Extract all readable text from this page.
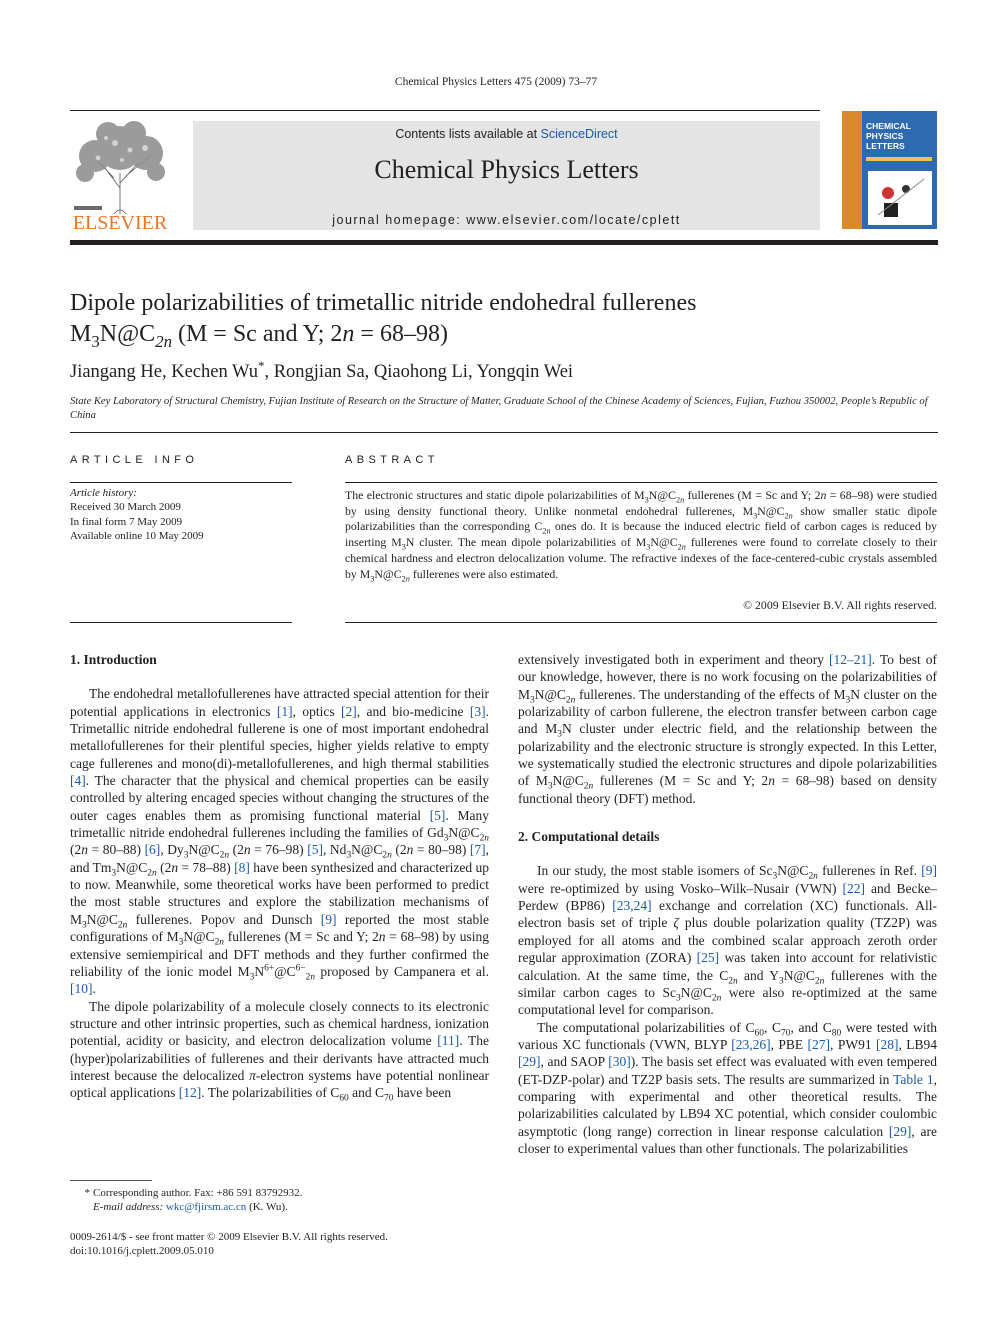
Chemical Physics Letters 475 (2009) 73–77
ELSEVIER
Contents lists available at ScienceDirect
Chemical Physics Letters
journal homepage: www.elsevier.com/locate/cplett
CHEMICAL
PHYSICS
LETTERS
Dipole polarizabilities of trimetallic nitride endohedral fullerenes
$M_3N@C_{2n}$ (M = Sc and Y; 2n = 68–98)
Jiangang He, Kechen Wu*, Rongjian Sa, Qiaohong Li, Yongqin Wei
State Key Laboratory of Structural Chemistry, Fujian Institute of Research on the Structure of Matter, Graduate School of the Chinese Academy of Sciences, Fujian, Fuzhou 350002, People’s Republic of China
ARTICLE INFO
Article history:
Received 30 March 2009
In final form 7 May 2009
Available online 10 May 2009
ABSTRACT
The electronic structures and static dipole polarizabilities of $M_3N@C_{2n}$ fullerenes (M = Sc and Y; 2n = 68–98) were studied by using density functional theory. Unlike nonmetal endohedral fullerenes, $M_3N@C_{2n}$ show smaller static dipole polarizabilities than the corresponding $C_{2n}$ ones do. It is because the induced electric field of carbon cages is reduced by inserting $M_3N$ cluster. The mean dipole polarizabilities of $M_3N@C_{2n}$ fullerenes were found to correlate closely to their chemical hardness and electron delocalization volume. The refractive indexes of the face-centered-cubic crystals assembled by $M_3N@C_{2n}$ fullerenes were also estimated.
© 2009 Elsevier B.V. All rights reserved.
1. Introduction

The endohedral metallofullerenes have attracted special attention for their potential applications in electronics [1], optics [2], and bio-medicine [3]. Trimetallic nitride endohedral fullerene is one of most important endohedral metallofullerenes for their plentiful species, higher yields relative to empty cage fullerenes and mono(di)-metallofullerenes, and high thermal stabilities [4]. The character that the physical and chemical properties can be easily controlled by altering encaged species without changing the structures of the outer cages enables them as promising functional material [5]. Many trimetallic nitride endohedral fullerenes including the families of $Gd_3N@C_{2n}$ (2n = 80–88) [6], $Dy_3N@C_{2n}$ (2n = 76–98) [5], $Nd_3N@C_{2n}$ (2n = 80–98) [7], and $Tm_3N@C_{2n}$ (2n = 78–88) [8] have been synthesized and characterized up to now. Meanwhile, some theoretical works have been performed to predict the most stable structures and explore the stabilization mechanisms of $M_3N@C_{2n}$ fullerenes. Popov and Dunsch [9] reported the most stable configurations of $M_3N@C_{2n}$ fullerenes (M = Sc and Y; 2n = 68–98) by using extensive semiempirical and DFT methods and they further confirmed the reliability of the ionic model $M_3N^{6+}@C^{6-}_{2n}$ proposed by Campanera et al. [10].

The dipole polarizability of a molecule closely connects to its electronic structure and other intrinsic properties, such as chemical hardness, ionization potential, acidity or basicity, and electron delocalization volume [11]. The (hyper)polarizabilities of fullerenes and their derivants have attracted much interest because the delocalized π-electron systems have potential nonlinear optical applications [12]. The polarizabilities of $C_{60}$ and $C_{70}$ have been

extensively investigated both in experiment and theory [12–21]. To best of our knowledge, however, there is no work focusing on the polarizabilities of $M_3N@C_{2n}$ fullerenes. The understanding of the effects of $M_3N$ cluster on the polarizability of carbon fullerene, the electron transfer between carbon cage and $M_3N$ cluster under electric field, and the relationship between the polarizability and the electronic structure is strongly expected. In this Letter, we systematically studied the electronic structures and dipole polarizabilities of $M_3N@C_{2n}$ fullerenes (M = Sc and Y; 2n = 68–98) based on density functional theory (DFT) method.

2. Computational details

In our study, the most stable isomers of $Sc_3N@C_{2n}$ fullerenes in Ref. [9] were re-optimized by using Vosko–Wilk–Nusair (VWN) [22] and Becke–Perdew (BP86) [23,24] exchange and correlation (XC) functionals. All-electron basis set of triple ζ plus double polarization quality (TZ2P) was employed for all atoms and the combined scalar approach zeroth order regular approximation (ZORA) [25] was taken into account for relativistic calculation. At the same time, the $C_{2n}$ and $Y_3N@C_{2n}$ fullerenes with the similar carbon cages to $Sc_3N@C_{2n}$ were also re-optimized at the same computational level for comparison.

The computational polarizabilities of $C_{60}$, $C_{70}$, and $C_{80}$ were tested with various XC functionals (VWN, BLYP [23,26], PBE [27], PW91 [28], LB94 [29], and SAOP [30]). The basis set effect was evaluated with even tempered (ET-DZP-polar) and TZ2P basis sets. The results are summarized in Table 1, comparing with experimental and other theoretical results. The polarizabilities calculated by LB94 XC potential, which consider coulombic asymptotic (long range) correction in linear response calculation [29], are closer to experimental values than other functionals. The polarizabilities

* Corresponding author. Fax: +86 591 83792932.
E-mail address: wkc@fjirsm.ac.cn (K. Wu).
0009-2614/$ - see front matter © 2009 Elsevier B.V. All rights reserved.
doi:10.1016/j.cplett.2009.05.010
